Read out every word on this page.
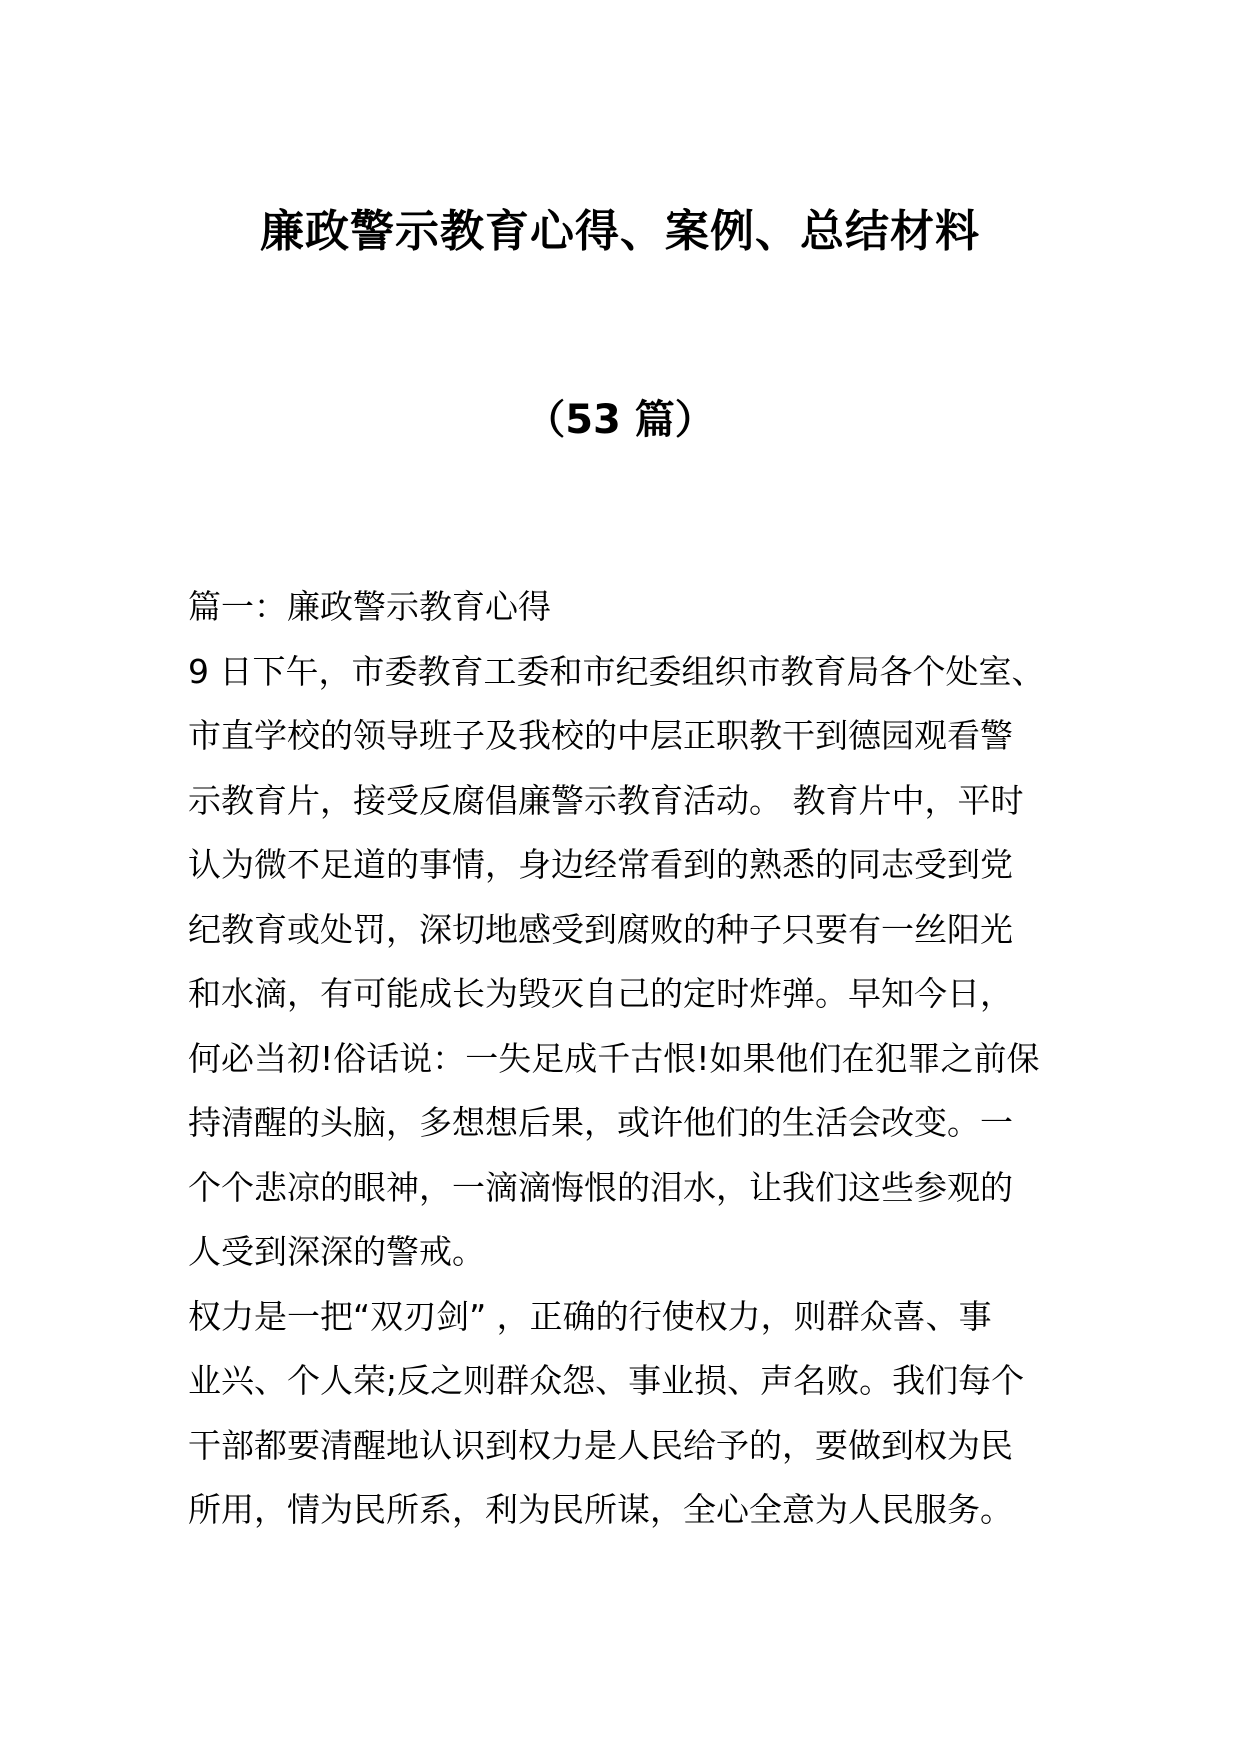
廉政警示教育心得、案例、总结材料
（53 篇）
篇一：廉政警示教育心得
9 日下午，市委教育工委和市纪委组织市教育局各个处室、
市直学校的领导班子及我校的中层正职教干到德园观看警
示教育片，接受反腐倡廉警示教育活动。 教育片中，平时
认为微不足道的事情，身边经常看到的熟悉的同志受到党
纪教育或处罚，深切地感受到腐败的种子只要有一丝阳光
和水滴，有可能成长为毁灭自己的定时炸弹。早知今日，
何必当初!俗话说：一失足成千古恨!如果他们在犯罪之前保
持清醒的头脑，多想想后果，或许他们的生活会改变。一
个个悲凉的眼神，一滴滴悔恨的泪水，让我们这些参观的
人受到深深的警戒。
权力是一把“双刃剑” ，正确的行使权力，则群众喜、事
业兴、个人荣;反之则群众怨、事业损、声名败。我们每个
干部都要清醒地认识到权力是人民给予的，要做到权为民
所用，情为民所系，利为民所谋，全心全意为人民服务。
